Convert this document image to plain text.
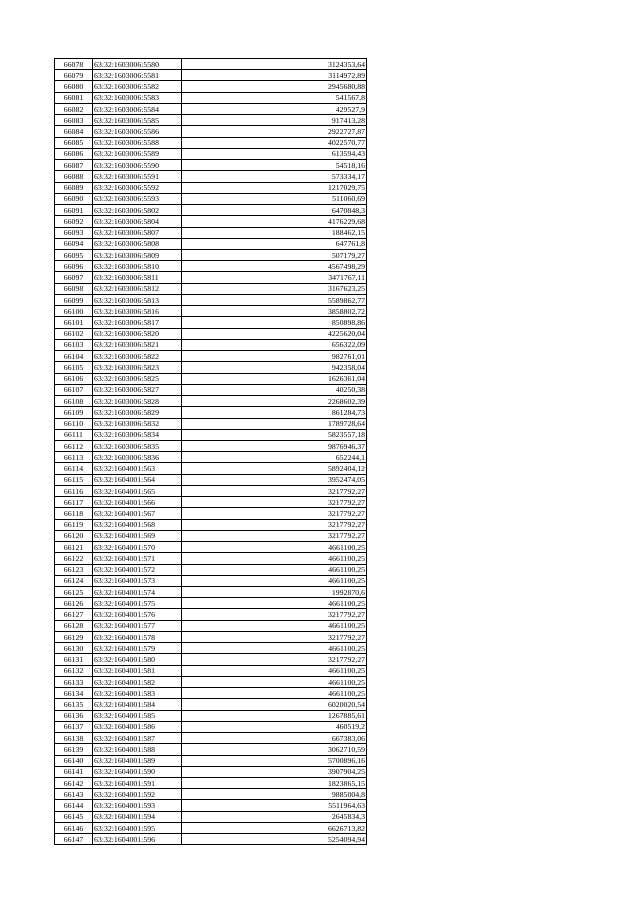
66078	63:32:1603006:5580	3124353,64
66079	63:32:1603006:5581	3114972,89
66080	63:32:1603006:5582	2945680,88
66081	63:32:1603006:5583	541567,8
66082	63:32:1603006:5584	429527,9
66083	63:32:1603006:5585	917413,28
66084	63:32:1603006:5586	2922727,87
66085	63:32:1603006:5588	4022570,77
66086	63:32:1603006:5589	613594,43
66087	63:32:1603006:5590	54518,16
66088	63:32:1603006:5591	573334,17
66089	63:32:1603006:5592	1217029,75
66090	63:32:1603006:5593	511060,69
66091	63:32:1603006:5802	6470848,3
66092	63:32:1603006:5804	4176229,68
66093	63:32:1603006:5807	188462,15
66094	63:32:1603006:5808	647761,8
66095	63:32:1603006:5809	507179,27
66096	63:32:1603006:5810	4567498,29
66097	63:32:1603006:5811	3471767,11
66098	63:32:1603006:5812	3167623,25
66099	63:32:1603006:5813	5589862,77
66100	63:32:1603006:5816	3858802,72
66101	63:32:1603006:5817	850898,86
66102	63:32:1603006:5820	4225620,04
66103	63:32:1603006:5821	656322,09
66104	63:32:1603006:5822	982761,01
66105	63:32:1603006:5823	942358,04
66106	63:32:1603006:5825	1626361,04
66107	63:32:1603006:5827	40250,38
66108	63:32:1603006:5828	2268602,39
66109	63:32:1603006:5829	861284,73
66110	63:32:1603006:5832	1789728,64
66111	63:32:1603006:5834	5823557,18
66112	63:32:1603006:5835	9876946,37
66113	63:32:1603006:5836	652244,1
66114	63:32:1604001:563	5892404,12
66115	63:32:1604001:564	3952474,05
66116	63:32:1604001:565	3217792,27
66117	63:32:1604001:566	3217792,27
66118	63:32:1604001:567	3217792,27
66119	63:32:1604001:568	3217792,27
66120	63:32:1604001:569	3217792,27
66121	63:32:1604001:570	4661100,25
66122	63:32:1604001:571	4661100,25
66123	63:32:1604001:572	4661100,25
66124	63:32:1604001:573	4661100,25
66125	63:32:1604001:574	1992870,6
66126	63:32:1604001:575	4661100,25
66127	63:32:1604001:576	3217792,27
66128	63:32:1604001:577	4661100,25
66129	63:32:1604001:578	3217792,27
66130	63:32:1604001:579	4661100,25
66131	63:32:1604001:580	3217792,27
66132	63:32:1604001:581	4661100,25
66133	63:32:1604001:582	4661100,25
66134	63:32:1604001:583	4661100,25
66135	63:32:1604001:584	6020020,54
66136	63:32:1604001:585	1267885,61
66137	63:32:1604001:586	460519,2
66138	63:32:1604001:587	667383,06
66139	63:32:1604001:588	3062710,59
66140	63:32:1604001:589	5700896,16
66141	63:32:1604001:590	3907904,25
66142	63:32:1604001:591	1823865,15
66143	63:32:1604001:592	9885004,8
66144	63:32:1604001:593	5511964,63
66145	63:32:1604001:594	2645834,3
66146	63:32:1604001:595	6626713,82
66147	63:32:1604001:596	5254094,94
